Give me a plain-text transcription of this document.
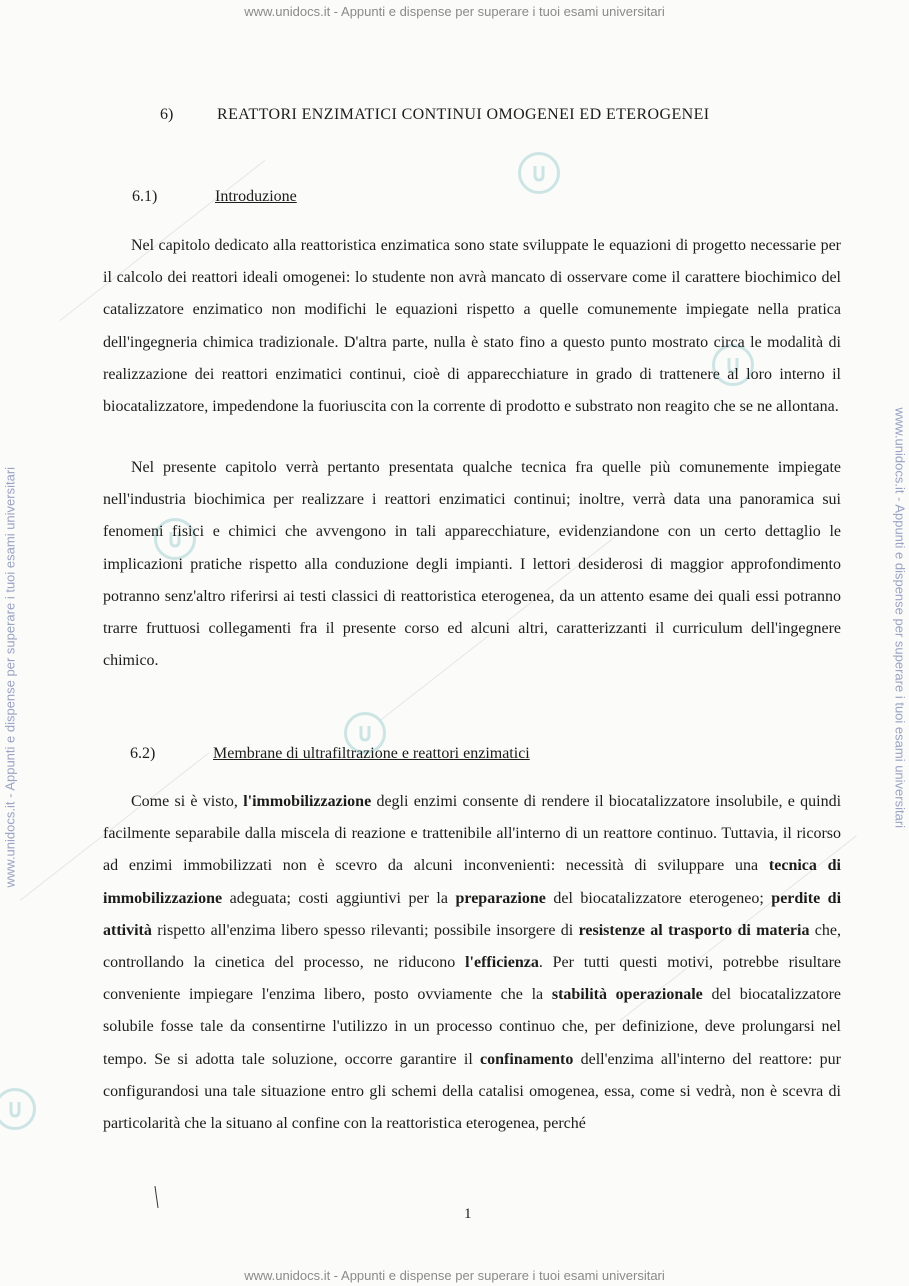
www.unidocs.it - Appunti e dispense per superare i tuoi esami universitari
www.unidocs.it - Appunti e dispense per superare i tuoi esami universitari
www.unidocs.it - Appunti e dispense per superare i tuoi esami universitari	www.unidocs.it - Appunti e dispense per superare i tuoi esami universitari
6)	REATTORI ENZIMATICI CONTINUI OMOGENEI ED ETEROGENEI
6.1)	Introduzione

Nel capitolo dedicato alla reattoristica enzimatica sono state sviluppate le equazioni di progetto necessarie per il calcolo dei reattori ideali omogenei: lo studente non avrà mancato di osservare come il carattere biochimico del catalizzatore enzimatico non modifichi le equazioni rispetto a quelle comunemente impiegate nella pratica dell'ingegneria chimica tradizionale. D'altra parte, nulla è stato fino a questo punto mostrato circa le modalità di realizzazione dei reattori enzimatici continui, cioè di apparecchiature in grado di trattenere al loro interno il biocatalizzatore, impedendone la fuoriuscita con la corrente di prodotto e substrato non reagito che se ne allontana.

Nel presente capitolo verrà pertanto presentata qualche tecnica fra quelle più comunemente impiegate nell'industria biochimica per realizzare i reattori enzimatici continui; inoltre, verrà data una panoramica sui fenomeni fisici e chimici che avvengono in tali apparecchiature, evidenziandone con un certo dettaglio le implicazioni pratiche rispetto alla conduzione degli impianti. I lettori desiderosi di maggior approfondimento potranno senz'altro riferirsi ai testi classici di reattoristica eterogenea, da un attento esame dei quali essi potranno trarre fruttuosi collegamenti fra il presente corso ed alcuni altri, caratterizzanti il curriculum dell'ingegnere chimico.

6.2)	Membrane di ultrafiltrazione e reattori enzimatici

Come si è visto, l'immobilizzazione degli enzimi consente di rendere il biocatalizzatore insolubile, e quindi facilmente separabile dalla miscela di reazione e trattenibile all'interno di un reattore continuo. Tuttavia, il ricorso ad enzimi immobilizzati non è scevro da alcuni inconvenienti: necessità di sviluppare una tecnica di immobilizzazione adeguata; costi aggiuntivi per la preparazione del biocatalizzatore eterogeneo; perdite di attività rispetto all'enzima libero spesso rilevanti; possibile insorgere di resistenze al trasporto di materia che, controllando la cinetica del processo, ne riducono l'efficienza. Per tutti questi motivi, potrebbe risultare conveniente impiegare l'enzima libero, posto ovviamente che la stabilità operazionale del biocatalizzatore solubile fosse tale da consentirne l'utilizzo in un processo continuo che, per definizione, deve prolungarsi nel tempo. Se si adotta tale soluzione, occorre garantire il confinamento dell'enzima all'interno del reattore: pur configurandosi una tale situazione entro gli schemi della catalisi omogenea, essa, come si vedrà, non è scevra di particolarità che la situano al confine con la reattoristica eterogenea, perché

1
